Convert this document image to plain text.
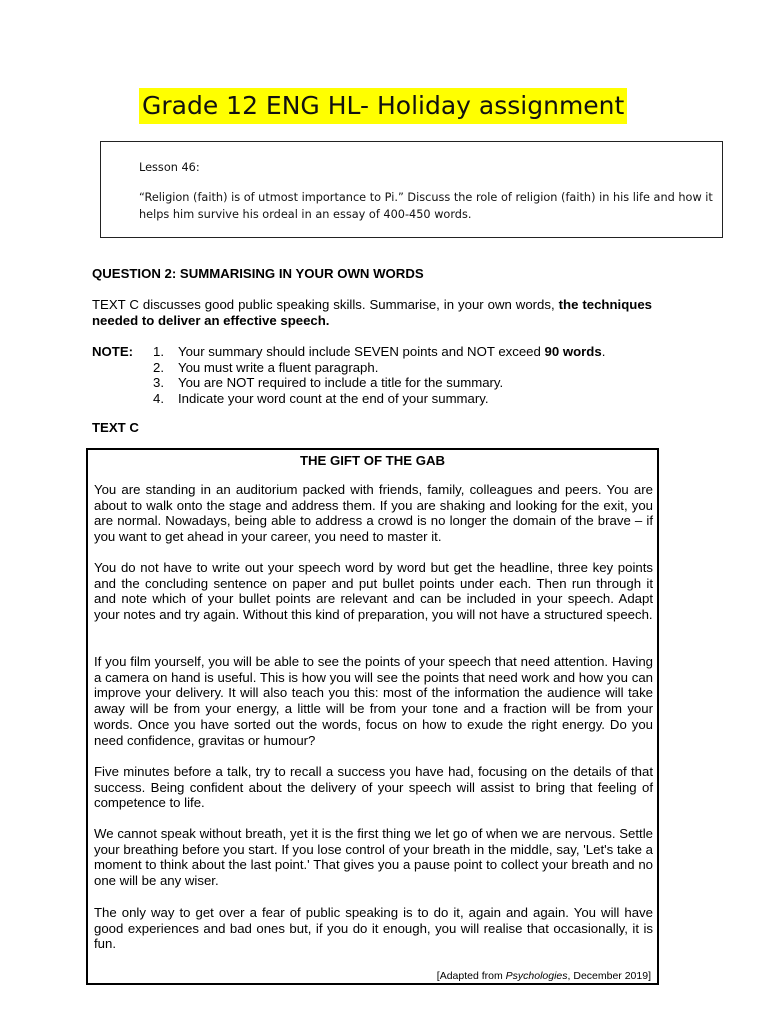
Grade 12 ENG HL- Holiday assignment
Lesson 46:
“Religion (faith) is of utmost importance to Pi.” Discuss the role of religion (faith) in his life and how it helps him survive his ordeal in an essay of 400-450 words.
QUESTION 2: SUMMARISING IN YOUR OWN WORDS
TEXT C discusses good public speaking skills. Summarise, in your own words, the techniques needed to deliver an effective speech.
NOTE: 1.	Your summary should include SEVEN points and NOT exceed 90 words.
2.	You must write a fluent paragraph.
3.	You are NOT required to include a title for the summary.
4.	Indicate your word count at the end of your summary.
TEXT C
THE GIFT OF THE GAB

You are standing in an auditorium packed with friends, family, colleagues and peers. You are about to walk onto the stage and address them. If you are shaking and looking for the exit, you are normal. Nowadays, being able to address a crowd is no longer the domain of the brave – if you want to get ahead in your career, you need to master it.

You do not have to write out your speech word by word but get the headline, three key points and the concluding sentence on paper and put bullet points under each. Then run through it and note which of your bullet points are relevant and can be included in your speech. Adapt your notes and try again. Without this kind of preparation, you will not have a structured speech.

If you film yourself, you will be able to see the points of your speech that need attention. Having a camera on hand is useful. This is how you will see the points that need work and how you can improve your delivery. It will also teach you this: most of the information the audience will take away will be from your energy, a little will be from your tone and a fraction will be from your words. Once you have sorted out the words, focus on how to exude the right energy. Do you need confidence, gravitas or humour?

Five minutes before a talk, try to recall a success you have had, focusing on the details of that success. Being confident about the delivery of your speech will assist to bring that feeling of competence to life.

We cannot speak without breath, yet it is the first thing we let go of when we are nervous. Settle your breathing before you start. If you lose control of your breath in the middle, say, 'Let's take a moment to think about the last point.' That gives you a pause point to collect your breath and no one will be any wiser.

The only way to get over a fear of public speaking is to do it, again and again. You will have good experiences and bad ones but, if you do it enough, you will realise that occasionally, it is fun.

[Adapted from Psychologies, December 2019]
